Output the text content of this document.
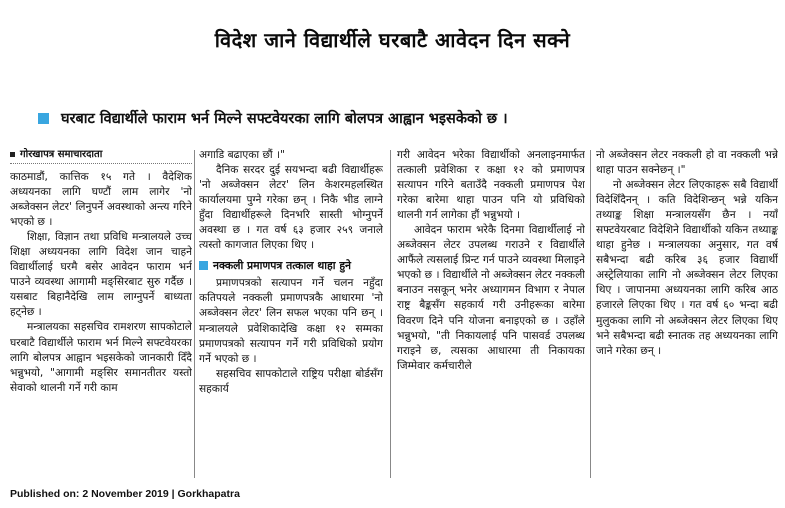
विदेश जाने विद्यार्थीले घरबाटै आवेदन दिन सक्ने
घरबाट विद्यार्थीले फाराम भर्न मिल्ने सफ्टवेयरका लागि बोलपत्र आह्वान भइसकेको छ ।
गोरखापत्र समाचारदाता

काठमाडौं, कात्तिक १५ गते । वैदेशिक अध्ययनका लागि घण्टौं लाम लागेर 'नो अब्जेक्सन लेटर' लिनुपर्ने अवस्थाको अन्त्य गरिने भएको छ ।

शिक्षा, विज्ञान तथा प्रविधि मन्त्रालयले उच्च शिक्षा अध्ययनका लागि विदेश जान चाहने विद्यार्थीलाई घरमै बसेर आवेदन फाराम भर्न पाउने व्यवस्था आगामी मङ्सिरबाट सुरु गर्दैछ । यसबाट बिहानैदेखि लाम लाग्नुपर्ने बाध्यता हट्नेछ ।

मन्त्रालयका सहसचिव रामशरण सापकोटाले घरबाटै विद्यार्थीले फाराम भर्न मिल्ने सफ्टवेयरका लागि बोलपत्र आह्वान भइसकेको जानकारी दिँदै भन्नुभयो, "आगामी मङ्सिर समानतीतर यस्तो सेवाको थालनी गर्ने गरी काम

अगाडि बढाएका छौं ।"

दैनिक सरदर दुई सयभन्दा बढी विद्यार्थीहरू 'नो अब्जेक्सन लेटर' लिन केशरमहलस्थित कार्यालयमा पुग्ने गरेका छन् । निकै भीड लाग्ने हुँदा विद्यार्थीहरूले दिनभरि सास्ती भोग्नुपर्ने अवस्था छ । गत वर्ष ६३ हजार २५९ जनाले त्यस्तो कागजात लिएका थिए ।

नक्कली प्रमाणपत्र तत्काल थाहा हुने

प्रमाणपत्रको सत्यापन गर्ने चलन नहुँदा कतिपयले नक्कली प्रमाणपत्रकै आधारमा 'नो अब्जेक्सन लेटर' लिन सफल भएका पनि छन् । मन्त्रालयले प्रवेशिकादेखि कक्षा १२ सम्मका प्रमाणपत्रको सत्यापन गर्ने गरी प्रविधिको प्रयोग गर्ने भएको छ ।

सहसचिव सापकोटाले राष्ट्रिय परीक्षा बोर्डसँग सहकार्य

गरी आवेदन भरेका विद्यार्थीको अनलाइनमार्फत तत्काली प्रवेशिका र कक्षा १२ को प्रमाणपत्र सत्यापन गरिने बताउँदै नक्कली प्रमाणपत्र पेश गरेका बारेमा थाहा पाउन पनि यो प्रविधिको थालनी गर्न लागेका हौं भन्नुभयो ।

आवेदन फाराम भरेकै दिनमा विद्यार्थीलाई नो अब्जेक्सन लेटर उपलब्ध गराउने र विद्यार्थीले आफैंले त्यसलाई प्रिन्ट गर्न पाउने व्यवस्था मिलाइने भएको छ । विद्यार्थीले नो अब्जेक्सन लेटर नक्कली बनाउन नसकून् भनेर अध्यागमन विभाग र नेपाल राष्ट्र बैङ्कसँग सहकार्य गरी उनीहरूका बारेमा विवरण दिने पनि योजना बनाइएको छ । उहाँले भन्नुभयो, "ती निकायलाई पनि पासवर्ड उपलब्ध गराइने छ, त्यसका आधारमा ती निकायका जिम्मेवार कर्मचारीले

नो अब्जेक्सन लेटर नक्कली हो वा नक्कली भन्ने थाहा पाउन सक्नेछन् ।"

नो अब्जेक्सन लेटर लिएकाहरू सबै विद्यार्थी विदेशिँदैनन् । कति विदेशिन्छन् भन्ने यकिन तथ्याङ्क शिक्षा मन्त्रालयसँग छैन । नयाँ सफ्टवेयरबाट विदेशिने विद्यार्थीको यकिन तथ्याङ्क थाहा हुनेछ । मन्त्रालयका अनुसार, गत वर्ष सबैभन्दा बढी करिब ३६ हजार विद्यार्थी अस्ट्रेलियाका लागि नो अब्जेक्सन लेटर लिएका थिए । जापानमा अध्ययनका लागि करिब आठ हजारले लिएका थिए । गत वर्ष ६० भन्दा बढी मुलुकका लागि नो अब्जेक्सन लेटर लिएका थिए भने सबैभन्दा बढी स्नातक तह अध्ययनका लागि जाने गरेका छन् ।

Published on: 2 November 2019 | Gorkhapatra
